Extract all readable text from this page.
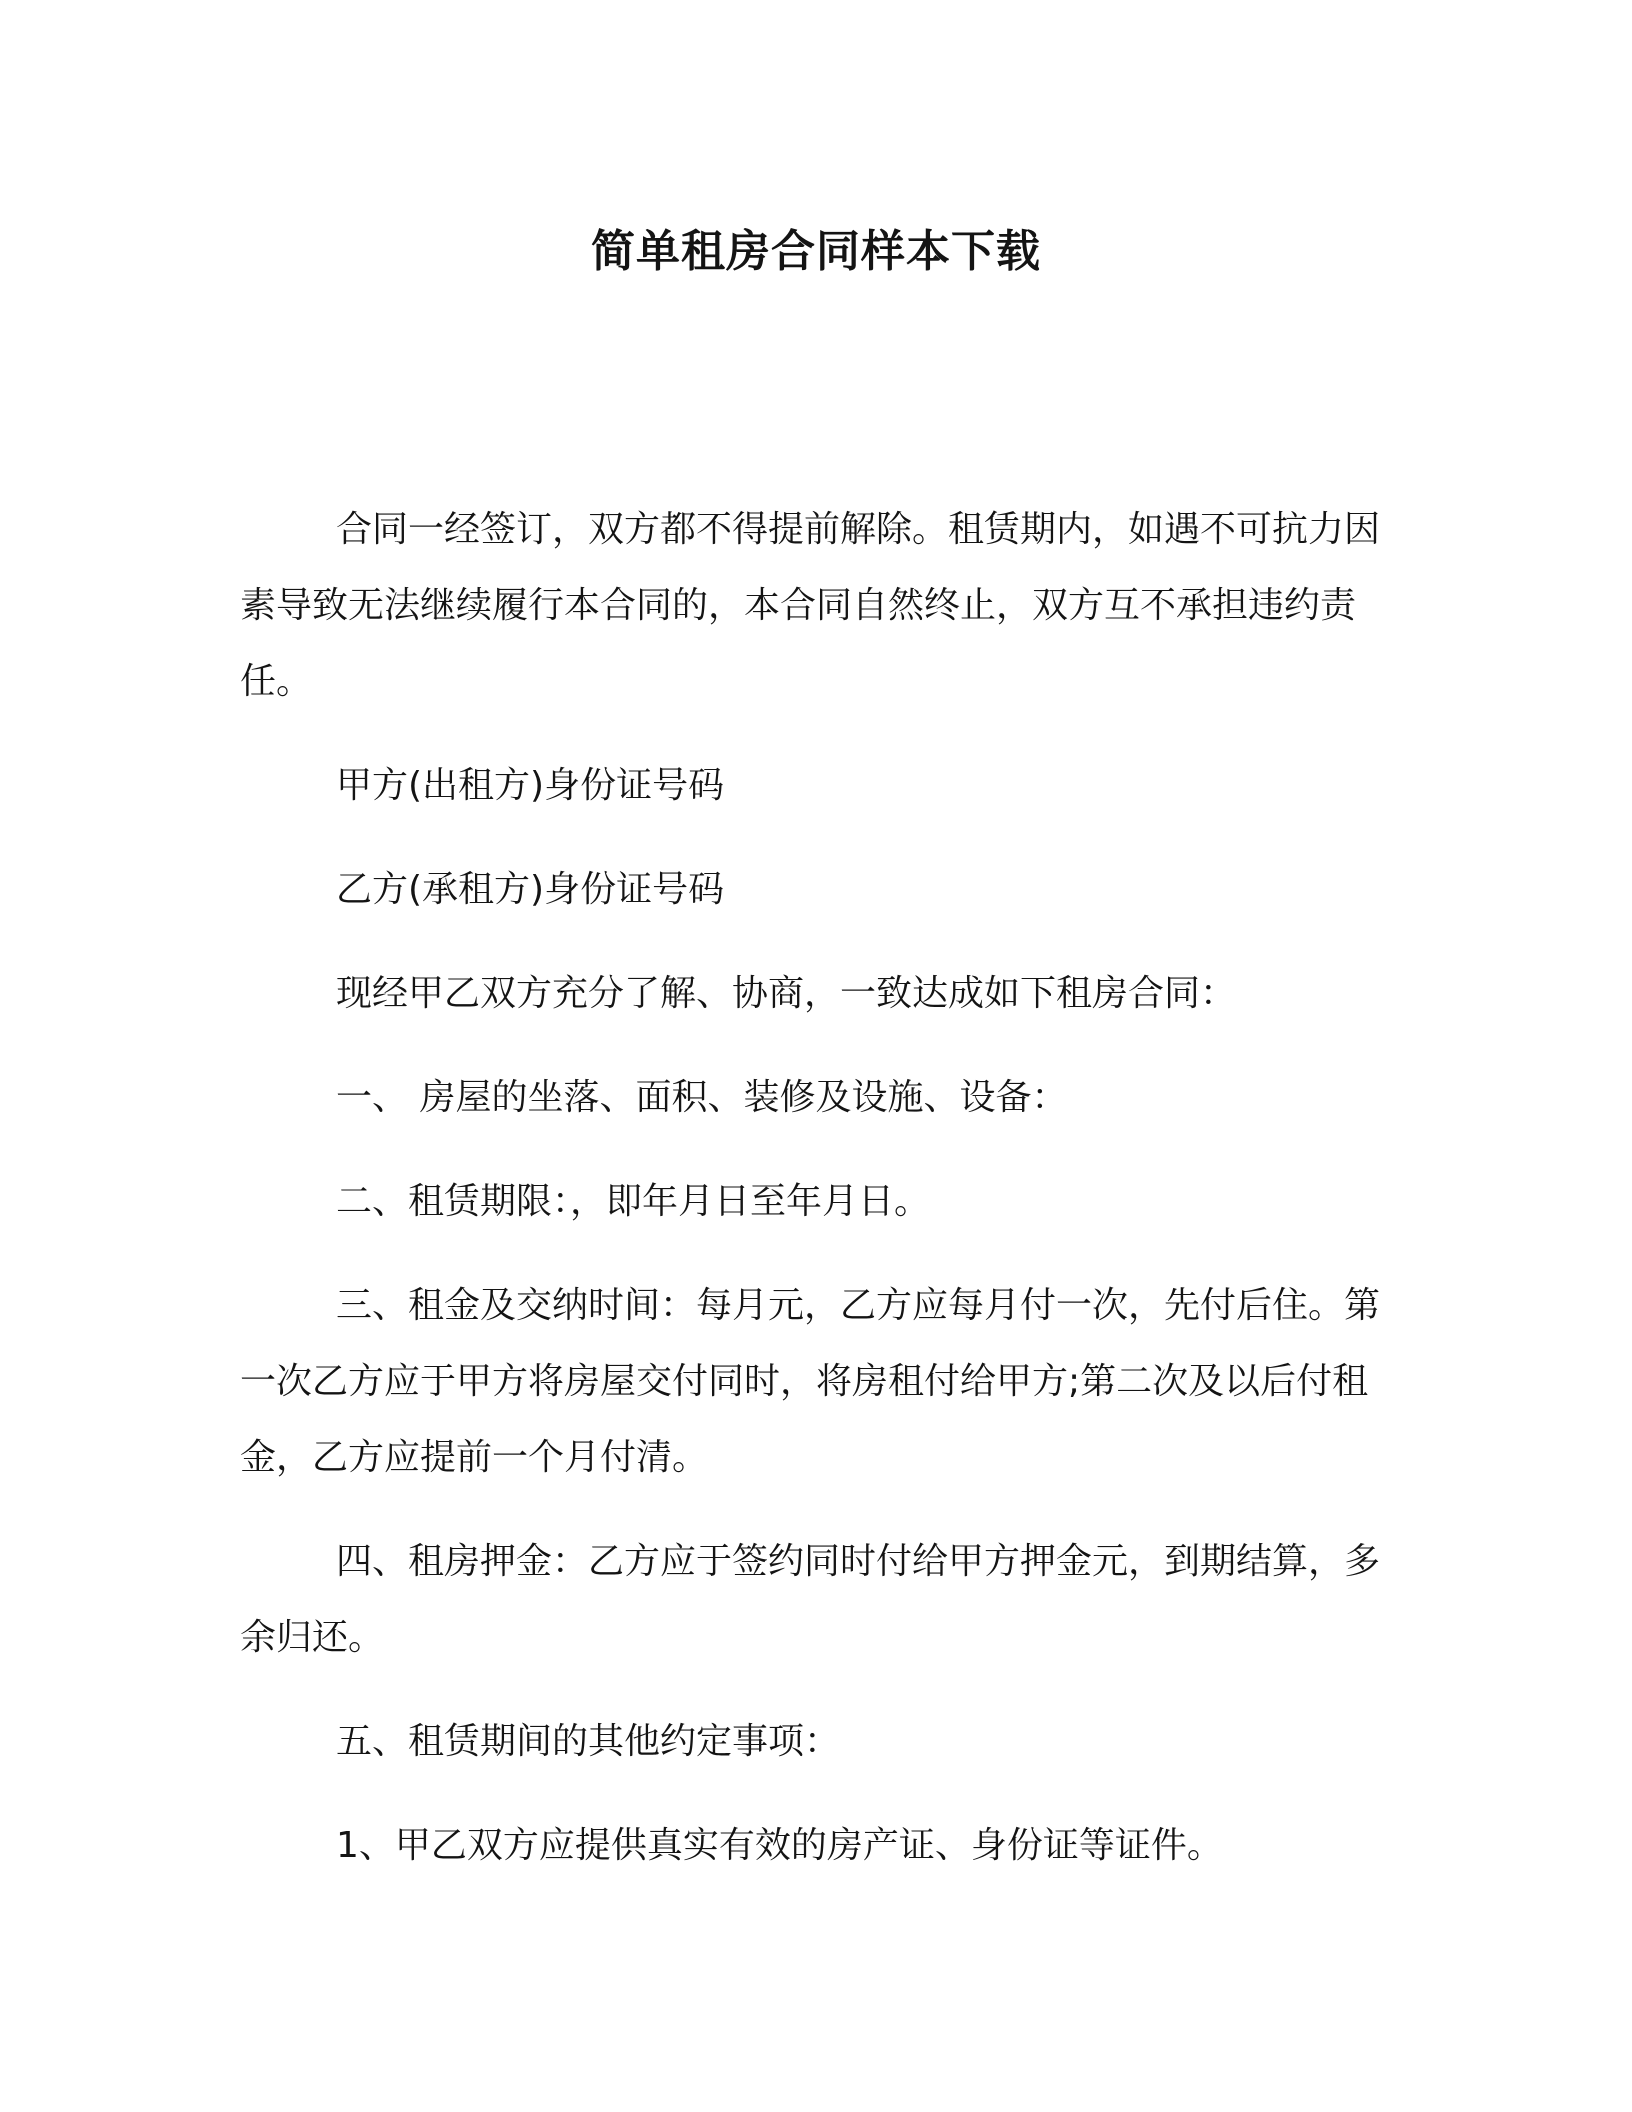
简单租房合同样本下载

合同一经签订，双方都不得提前解除。租赁期内，如遇不可抗力因素导致无法继续履行本合同的，本合同自然终止，双方互不承担违约责任。

甲方(出租方)身份证号码

乙方(承租方)身份证号码

现经甲乙双方充分了解、协商，一致达成如下租房合同：

一、 房屋的坐落、面积、装修及设施、设备：

二、租赁期限：，即年月日至年月日。

三、租金及交纳时间：每月元，乙方应每月付一次，先付后住。第一次乙方应于甲方将房屋交付同时，将房租付给甲方;第二次及以后付租金，乙方应提前一个月付清。

四、租房押金：乙方应于签约同时付给甲方押金元，到期结算，多余归还。

五、租赁期间的其他约定事项：

1、甲乙双方应提供真实有效的房产证、身份证等证件。
